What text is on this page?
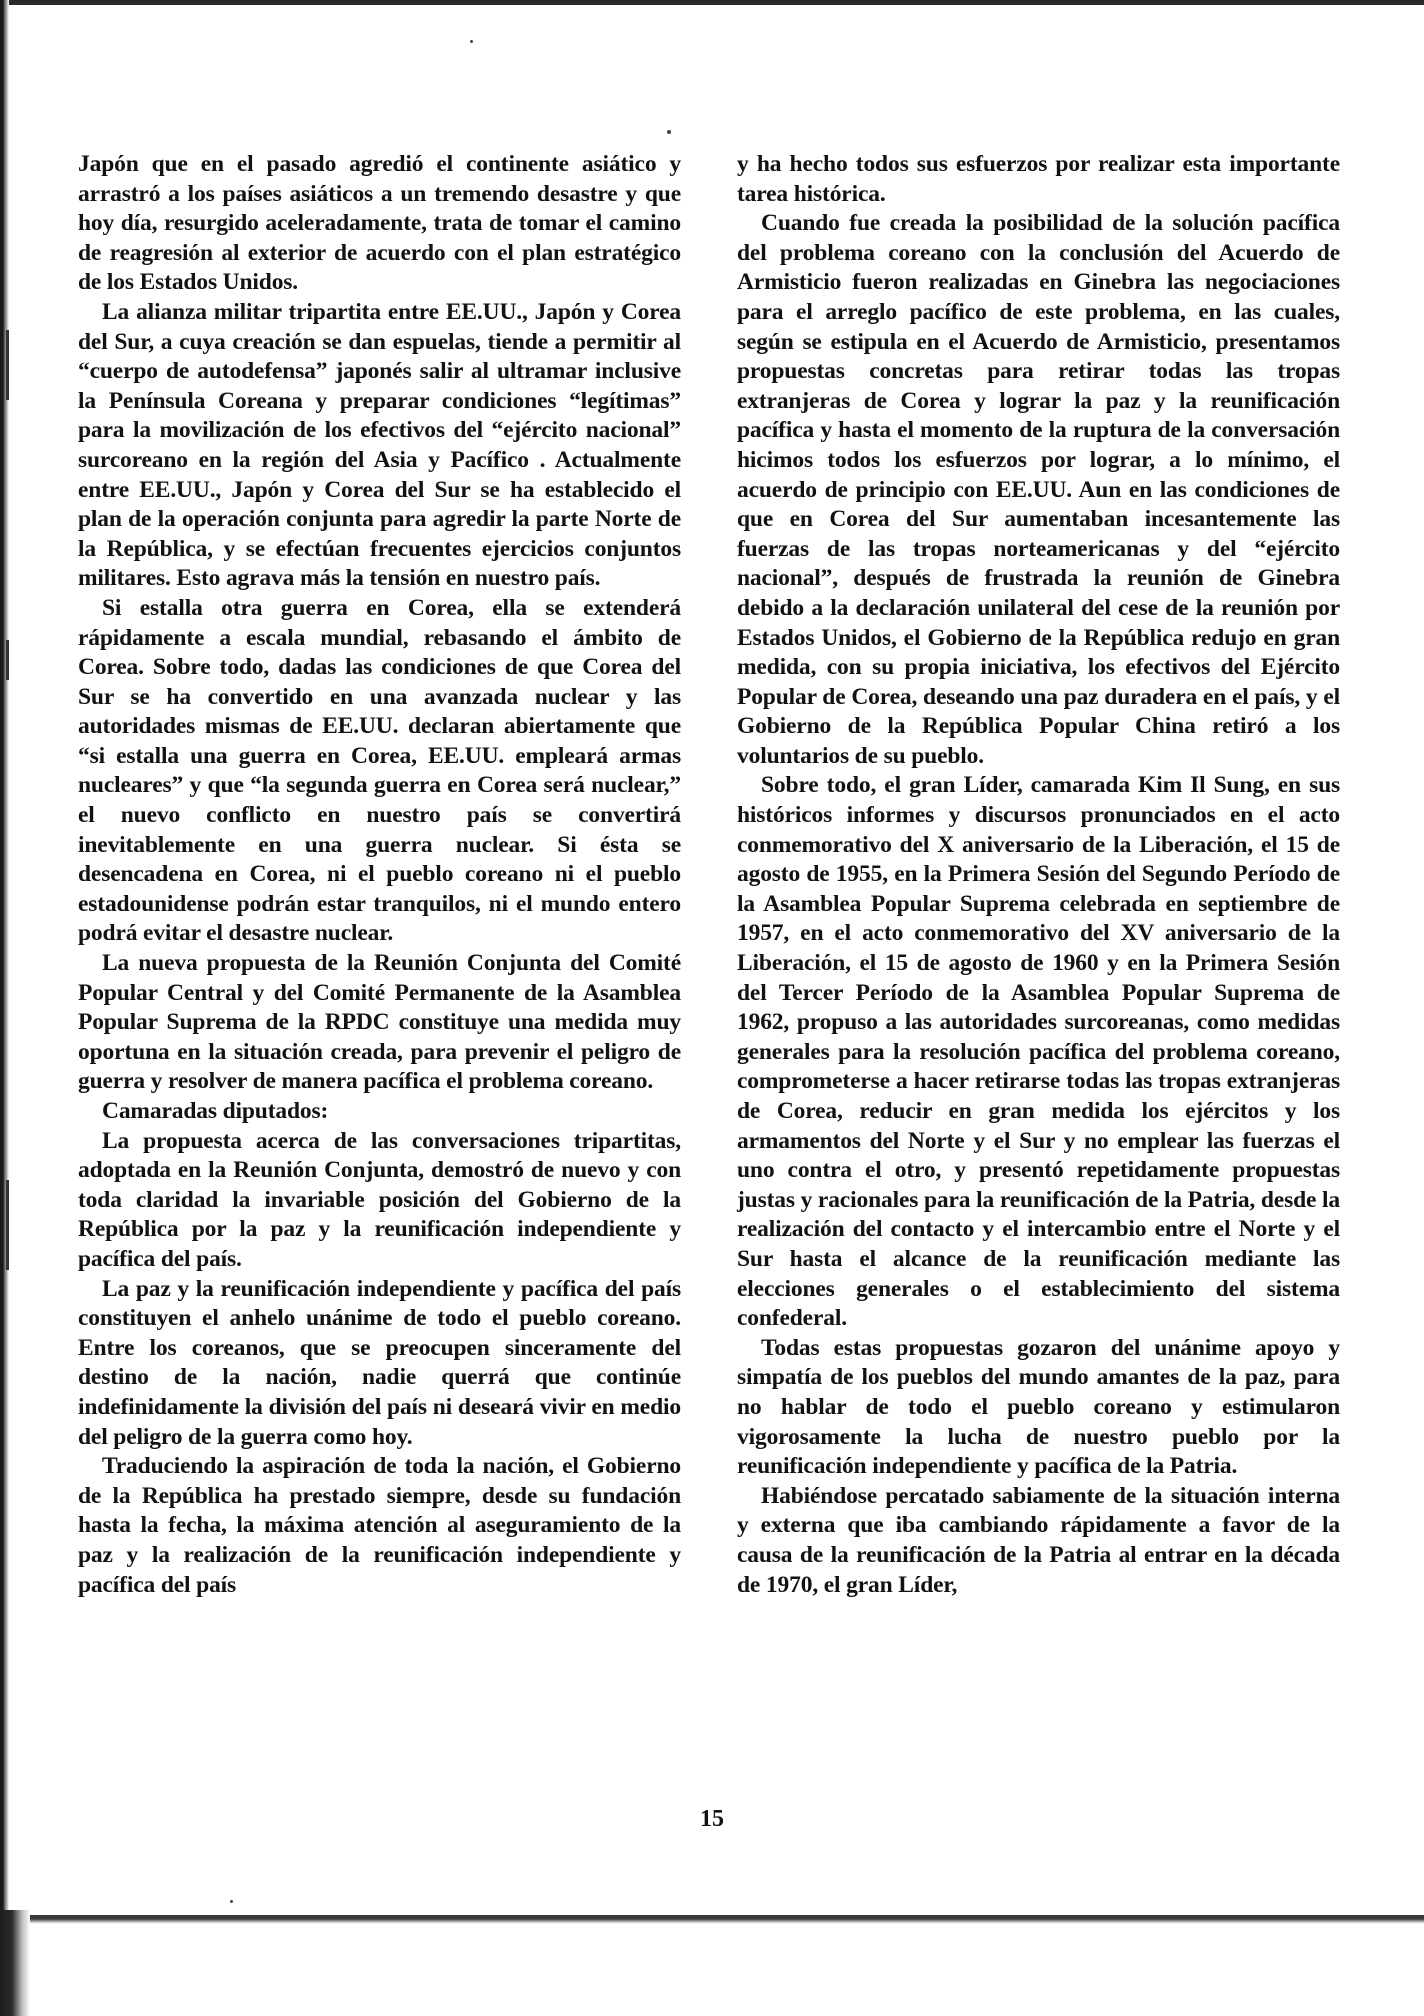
Japón que en el pasado agredió el continente asiático y arrastró a los países asiáticos a un tremendo desastre y que hoy día, resurgido aceleradamente, trata de tomar el camino de reagresión al exterior de acuerdo con el plan estratégico de los Estados Unidos.

La alianza militar tripartita entre EE.UU., Japón y Corea del Sur, a cuya creación se dan espuelas, tiende a permitir al “cuerpo de autodefensa” japonés salir al ultramar inclusive la Península Coreana y preparar condiciones “legítimas” para la movilización de los efectivos del “ejército nacional” surcoreano en la región del Asia y Pacífico . Actualmente entre EE.UU., Japón y Corea del Sur se ha establecido el plan de la operación conjunta para agredir la parte Norte de la República, y se efectúan frecuentes ejercicios conjuntos militares. Esto agrava más la tensión en nuestro país.

Si estalla otra guerra en Corea, ella se extenderá rápidamente a escala mundial, rebasando el ámbito de Corea. Sobre todo, dadas las condiciones de que Corea del Sur se ha convertido en una avanzada nuclear y las autoridades mismas de EE.UU. declaran abiertamente que “si estalla una guerra en Corea, EE.UU. empleará armas nucleares” y que “la segunda guerra en Corea será nuclear,” el nuevo conflicto en nuestro país se convertirá inevitablemente en una guerra nuclear. Si ésta se desencadena en Corea, ni el pueblo coreano ni el pueblo estadounidense podrán estar tranquilos, ni el mundo entero podrá evitar el desastre nuclear.

La nueva propuesta de la Reunión Conjunta del Comité Popular Central y del Comité Permanente de la Asamblea Popular Suprema de la RPDC constituye una medida muy oportuna en la situación creada, para prevenir el peligro de guerra y resolver de manera pacífica el problema coreano.

Camaradas diputados:

La propuesta acerca de las conversaciones tripartitas, adoptada en la Reunión Conjunta, demostró de nuevo y con toda claridad la invariable posición del Gobierno de la República por la paz y la reunificación independiente y pacífica del país.

La paz y la reunificación independiente y pacífica del país constituyen el anhelo unánime de todo el pueblo coreano. Entre los coreanos, que se preocupen sinceramente del destino de la nación, nadie querrá que continúe indefinidamente la división del país ni deseará vivir en medio del peligro de la guerra como hoy.

Traduciendo la aspiración de toda la nación, el Gobierno de la República ha prestado siempre, desde su fundación hasta la fecha, la máxima atención al aseguramiento de la paz y la realización de la reunificación independiente y pacífica del país

y ha hecho todos sus esfuerzos por realizar esta importante tarea histórica.

Cuando fue creada la posibilidad de la solución pacífica del problema coreano con la conclusión del Acuerdo de Armisticio fueron realizadas en Ginebra las negociaciones para el arreglo pacífico de este problema, en las cuales, según se estipula en el Acuerdo de Armisticio, presentamos propuestas concretas para retirar todas las tropas extranjeras de Corea y lograr la paz y la reunificación pacífica y hasta el momento de la ruptura de la conversación hicimos todos los esfuerzos por lograr, a lo mínimo, el acuerdo de principio con EE.UU. Aun en las condiciones de que en Corea del Sur aumentaban incesantemente las fuerzas de las tropas norteamericanas y del “ejército nacional”, después de frustrada la reunión de Ginebra debido a la declaración unilateral del cese de la reunión por Estados Unidos, el Gobierno de la República redujo en gran medida, con su propia iniciativa, los efectivos del Ejército Popular de Corea, deseando una paz duradera en el país, y el Gobierno de la República Popular China retiró a los voluntarios de su pueblo.

Sobre todo, el gran Líder, camarada Kim Il Sung, en sus históricos informes y discursos pronunciados en el acto conmemorativo del X aniversario de la Liberación, el 15 de agosto de 1955, en la Primera Sesión del Segundo Período de la Asamblea Popular Suprema celebrada en septiembre de 1957, en el acto conmemorativo del XV aniversario de la Liberación, el 15 de agosto de 1960 y en la Primera Sesión del Tercer Período de la Asamblea Popular Suprema de 1962, propuso a las autoridades surcoreanas, como medidas generales para la resolución pacífica del problema coreano, comprometerse a hacer retirarse todas las tropas extranjeras de Corea, reducir en gran medida los ejércitos y los armamentos del Norte y el Sur y no emplear las fuerzas el uno contra el otro, y presentó repetidamente propuestas justas y racionales para la reunificación de la Patria, desde la realización del contacto y el intercambio entre el Norte y el Sur hasta el alcance de la reunificación mediante las elecciones generales o el establecimiento del sistema confederal.

Todas estas propuestas gozaron del unánime apoyo y simpatía de los pueblos del mundo amantes de la paz, para no hablar de todo el pueblo coreano y estimularon vigorosamente la lucha de nuestro pueblo por la reunificación independiente y pacífica de la Patria.

Habiéndose percatado sabiamente de la situación interna y externa que iba cambiando rápidamente a favor de la causa de la reunificación de la Patria al entrar en la década de 1970, el gran Líder,

15
